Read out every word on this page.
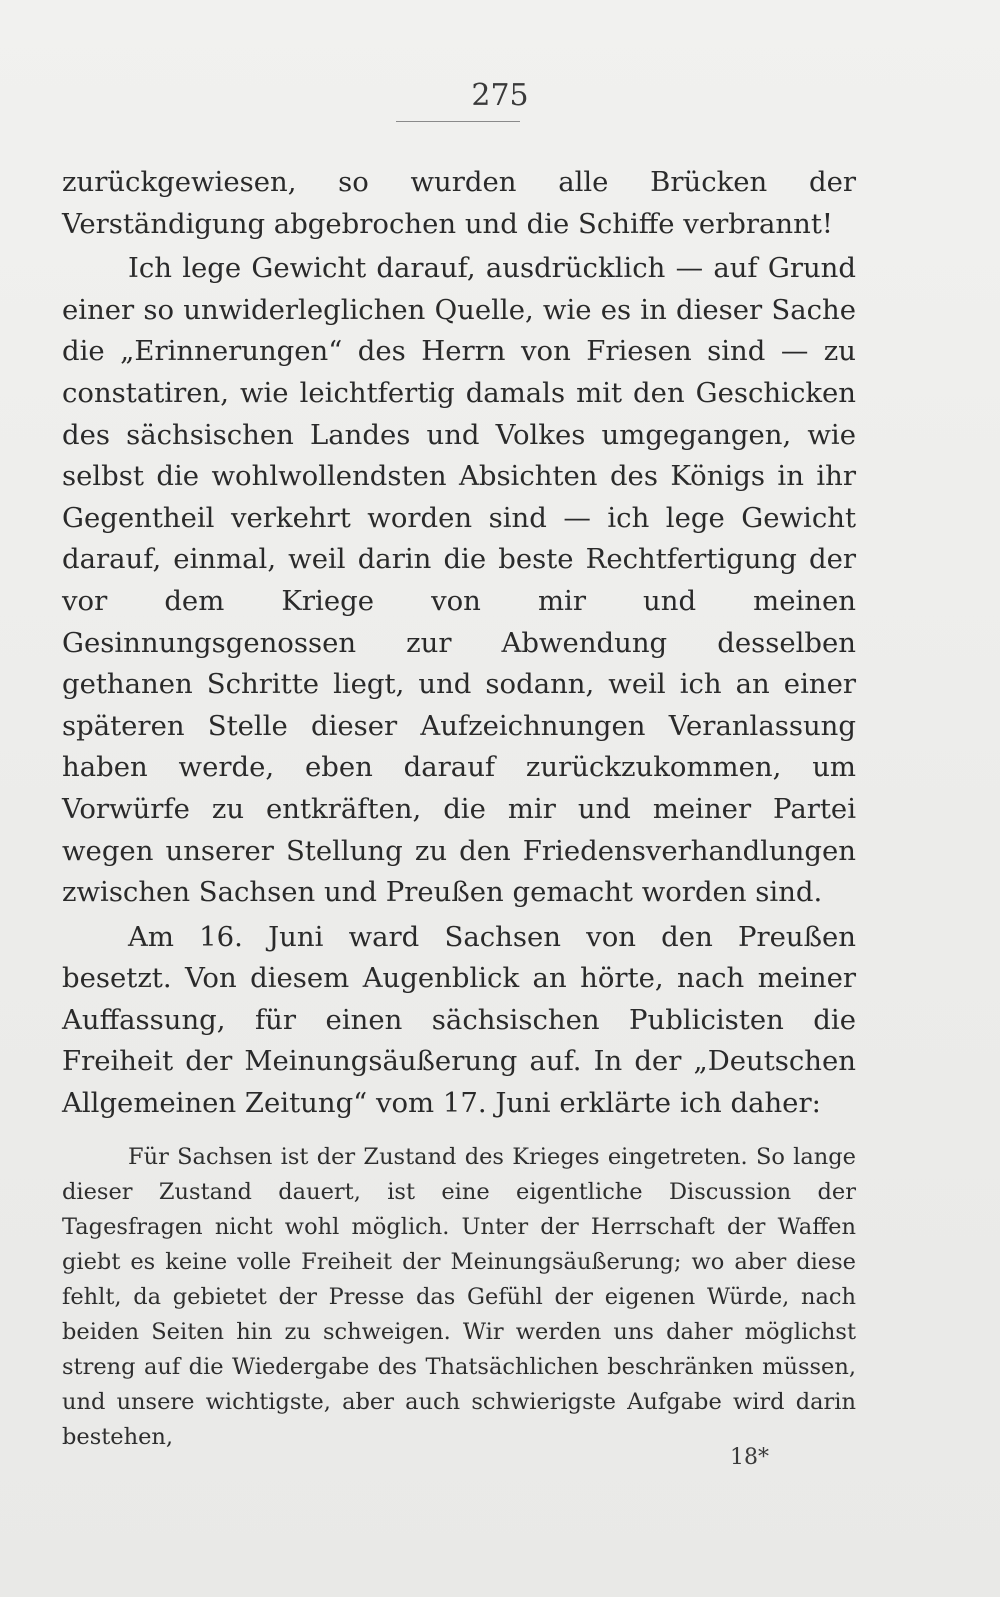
275

zurückgewiesen, so wurden alle Brücken der Verständigung abgebrochen und die Schiffe verbrannt!

Ich lege Gewicht darauf, ausdrücklich — auf Grund einer so unwiderleglichen Quelle, wie es in dieser Sache die „Erinnerungen“ des Herrn von Friesen sind — zu constatiren, wie leichtfertig damals mit den Geschicken des sächsischen Landes und Volkes umgegangen, wie selbst die wohlwollendsten Absichten des Königs in ihr Gegentheil verkehrt worden sind — ich lege Gewicht darauf, einmal, weil darin die beste Rechtfertigung der vor dem Kriege von mir und meinen Gesinnungsgenossen zur Abwendung desselben gethanen Schritte liegt, und sodann, weil ich an einer späteren Stelle dieser Aufzeichnungen Veranlassung haben werde, eben darauf zurückzukommen, um Vorwürfe zu entkräften, die mir und meiner Partei wegen unserer Stellung zu den Friedensverhandlungen zwischen Sachsen und Preußen gemacht worden sind.

Am 16. Juni ward Sachsen von den Preußen besetzt. Von diesem Augenblick an hörte, nach meiner Auffassung, für einen sächsischen Publicisten die Freiheit der Meinungsäußerung auf. In der „Deutschen Allgemeinen Zeitung“ vom 17. Juni erklärte ich daher:

Für Sachsen ist der Zustand des Krieges eingetreten. So lange dieser Zustand dauert, ist eine eigentliche Discussion der Tagesfragen nicht wohl möglich. Unter der Herrschaft der Waffen giebt es keine volle Freiheit der Meinungsäußerung; wo aber diese fehlt, da gebietet der Presse das Gefühl der eigenen Würde, nach beiden Seiten hin zu schweigen. Wir werden uns daher möglichst streng auf die Wiedergabe des Thatsächlichen beschränken müssen, und unsere wichtigste, aber auch schwierigste Aufgabe wird darin bestehen,

18*
